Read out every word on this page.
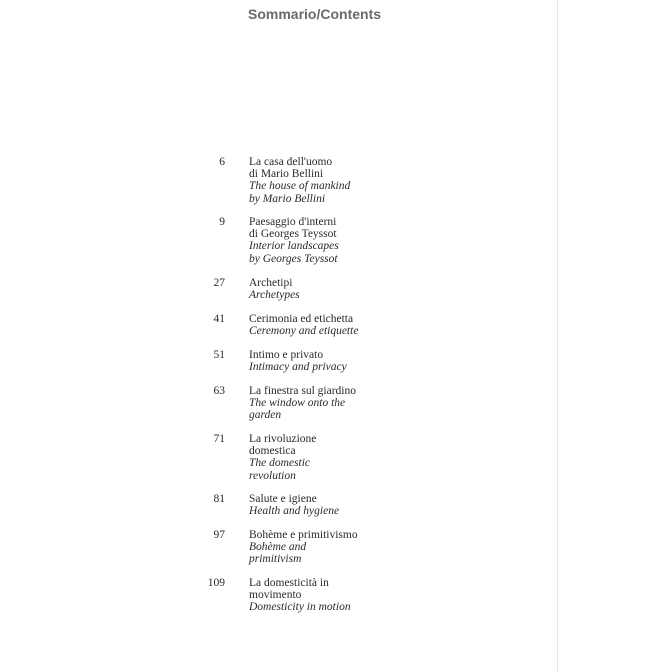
Sommario/Contents
6 La casa dell'uomo
di Mario Bellini
The house of mankind
by Mario Bellini
9 Paesaggio d'interni
di Georges Teyssot
Interior landscapes
by Georges Teyssot
27 Archetipi
Archetypes
41 Cerimonia ed etichetta
Ceremony and etiquette
51 Intimo e privato
Intimacy and privacy
63 La finestra sul giardino
The window onto the
garden
71 La rivoluzione
domestica
The domestic
revolution
81 Salute e igiene
Health and hygiene
97 Bohème e primitivismo
Bohème and
primitivism
109 La domesticità in
movimento
Domesticity in motion
